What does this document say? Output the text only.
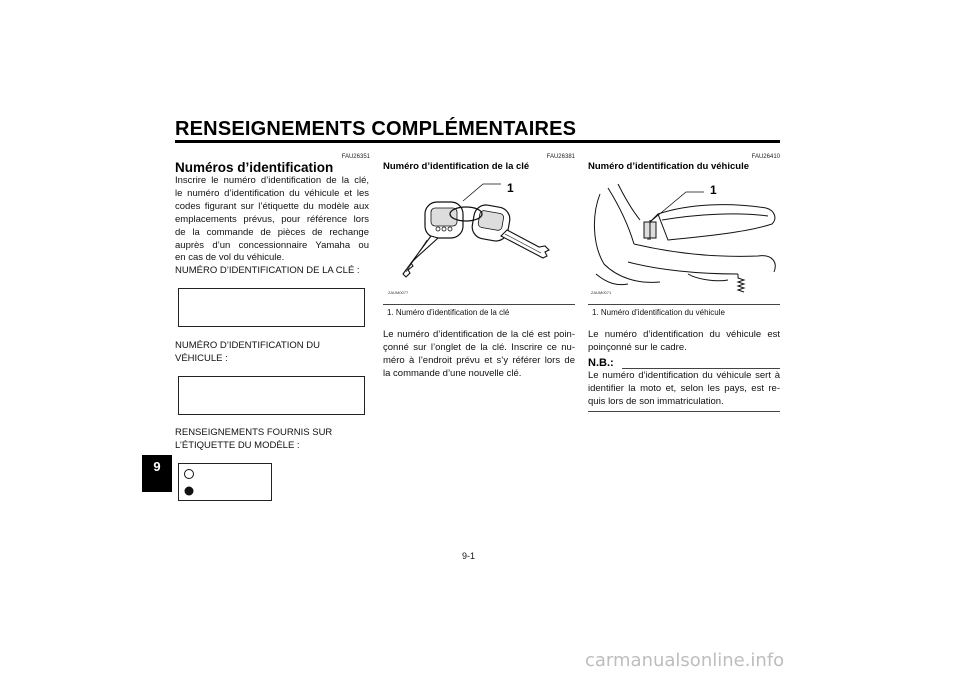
RENSEIGNEMENTS COMPLÉMENTAIRES
9
FAU26351
Numéros d’identification
Inscrire le numéro d’identification de la clé,
le numéro d’identification du véhicule et les
codes figurant sur l’étiquette du modèle aux
emplacements prévus, pour référence lors
de la commande de pièces de rechange
auprès d’un concessionnaire Yamaha ou
en cas de vol du véhicule.
NUMÉRO D’IDENTIFICATION DE LA CLÉ :
NUMÉRO D’IDENTIFICATION DU
VÉHICULE :
RENSEIGNEMENTS FOURNIS SUR
L’ÉTIQUETTE DU MODÈLE :
FAU26381
Numéro d’identification de la clé
1
ZAUM0077
1. Numéro d’identification de la clé
Le numéro d’identification de la clé est poin-
çonné sur l’onglet de la clé. Inscrire ce nu-
méro à l’endroit prévu et s’y référer lors de
la commande d’une nouvelle clé.
FAU26410
Numéro d’identification du véhicule
1
ZAUM0071
1. Numéro d’identification du véhicule
Le numéro d’identification du véhicule est
poinçonné sur le cadre.
N.B.:
Le numéro d’identification du véhicule sert à
identifier la moto et, selon les pays, est re-
quis lors de son immatriculation.
9-1
carmanualsonline.info
